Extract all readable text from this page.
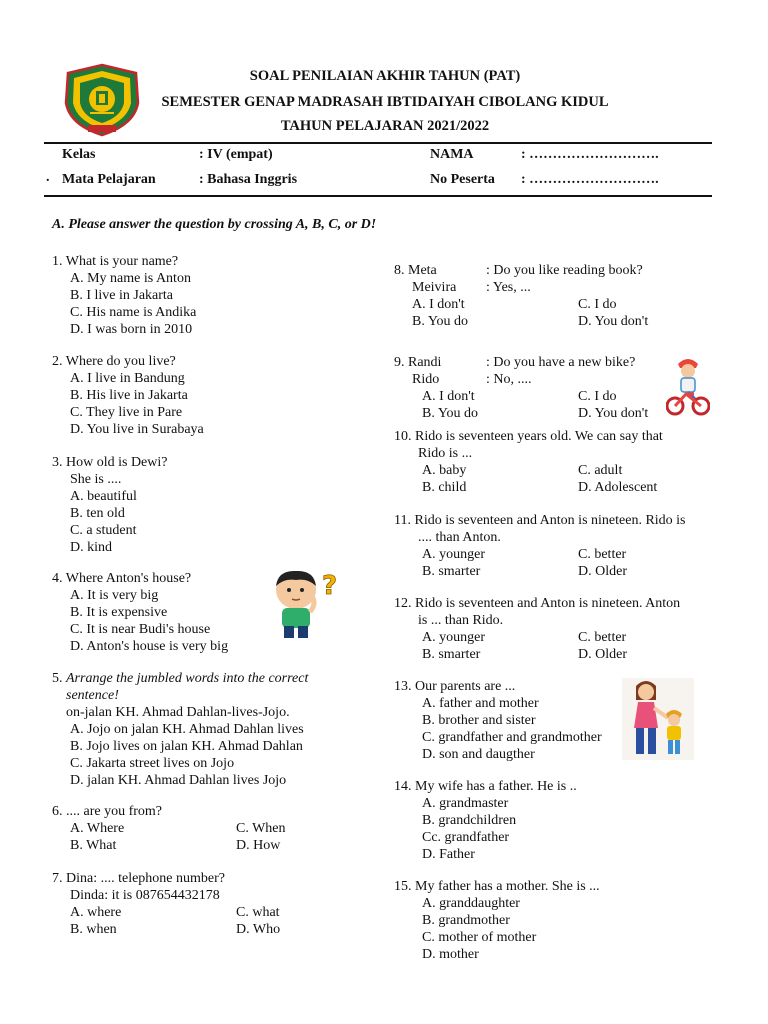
SOAL PENILAIAN AKHIR TAHUN (PAT)
SEMESTER GENAP MADRASAH IBTIDAIYAH CIBOLANG KIDUL
TAHUN PELAJARAN 2021/2022
Kelas	: IV (empat)	NAMA	: ……………………….
. Mata Pelajaran	: Bahasa Inggris	No Peserta : ……………………….
A. Please answer the question by crossing A, B, C, or D!
1. What is your name?
A. My name is Anton
B. I live in Jakarta
C. His name is Andika
D. I was born in 2010
2. Where do you live?
A. I live in Bandung
B. His live in Jakarta
C. They live in Pare
D. You live in Surabaya
3. How old is Dewi?
She is ....
A. beautiful
B. ten old
C. a student
D. kind
4. Where Anton's house?
A. It is very big
B. It is expensive
C. It is near Budi's house
D. Anton's house is very big
?
5. Arrange the jumbled words into the correct
sentence!
on-jalan KH. Ahmad Dahlan-lives-Jojo.
A. Jojo on jalan KH. Ahmad Dahlan lives
B. Jojo lives on jalan KH. Ahmad Dahlan
C. Jakarta street lives on Jojo
D. jalan KH. Ahmad Dahlan lives Jojo
6. .... are you from?
A. Where	C. When
B. What	D. How
7. Dina: .... telephone number?
Dinda: it is 087654432178
A. where	C. what
B. when	D. Who
8. Meta	: Do you like reading book?
Meivira	: Yes, ...
A. I don't	C. I do
B. You do	D. You don't
9. Randi	: Do you have a new bike?
Rido	: No, ....
A. I don't	C. I do
B. You do	D. You don't
10. Rido is seventeen years old. We can say that
Rido is ...
A. baby	C. adult
B. child	D. Adolescent
11. Rido is seventeen and Anton is nineteen. Rido is
.... than Anton.
A. younger	C. better
B. smarter	D. Older
12. Rido is seventeen and Anton is nineteen. Anton
is ... than Rido.
A. younger	C. better
B. smarter	D. Older
13. Our parents are ...
A. father and mother
B. brother and sister
C. grandfather and grandmother
D. son and daugther
14. My wife has a father. He is ..
A. grandmaster
B. grandchildren
Cc. grandfather
D. Father
15. My father has a mother. She is ...
A. granddaughter
B. grandmother
C. mother of mother
D. mother
